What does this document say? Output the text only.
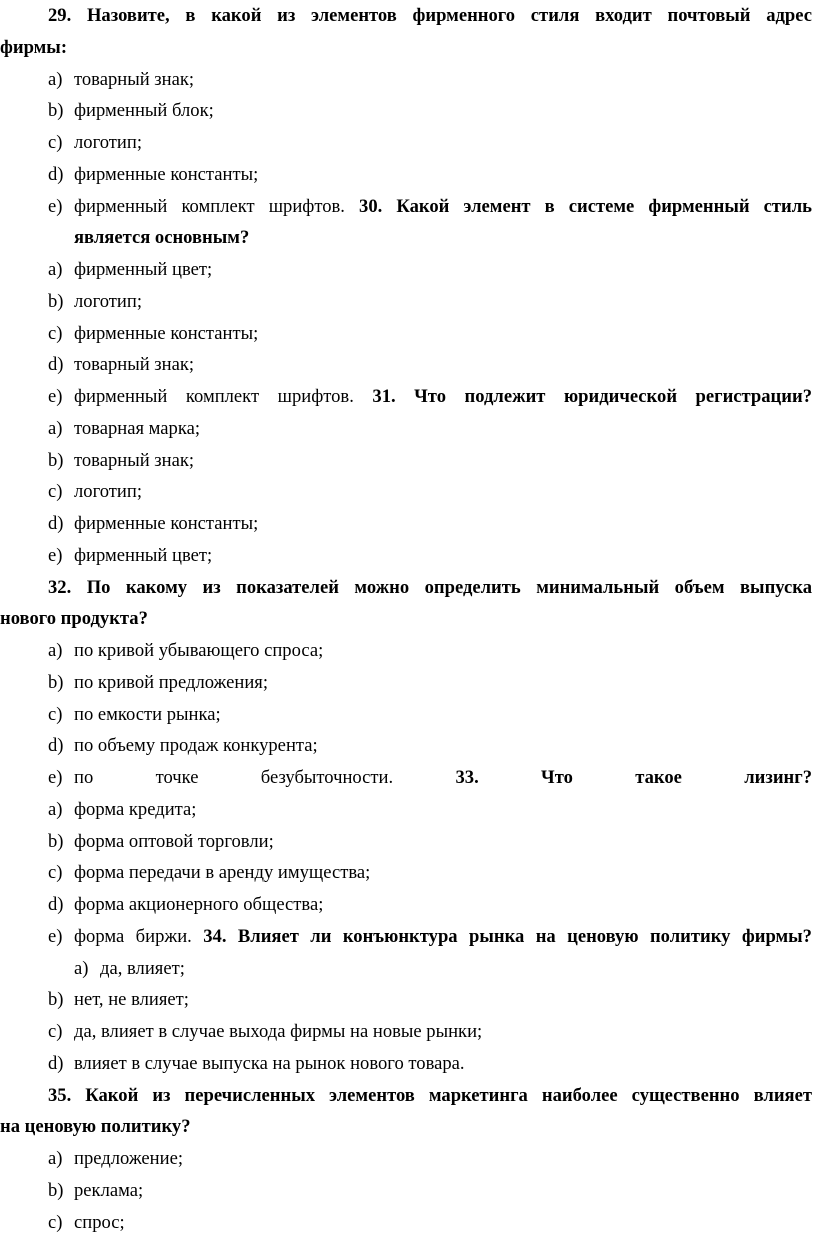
29. Назовите, в какой из элементов фирменного стиля входит почтовый адрес
фирмы:
a) товарный знак;
b) фирменный блок;
c) логотип;
d) фирменные константы;
e) фирменный комплект шрифтов. 30. Какой элемент в системе фирменный стиль
является основным?
a) фирменный цвет;
b) логотип;
c) фирменные константы;
d) товарный знак;
e) фирменный комплект шрифтов. 31. Что подлежит юридической регистрации?
a) товарная марка;
b) товарный знак;
c) логотип;
d) фирменные константы;
e) фирменный цвет;
32. По какому из показателей можно определить минимальный объем выпуска
нового продукта?
a) по кривой убывающего спроса;
b) по кривой предложения;
c) по емкости рынка;
d) по объему продаж конкурента;
e) по точке безубыточности.	33. Что такое лизинг?
a) форма кредита;
b) форма оптовой торговли;
c) форма передачи в аренду имущества;
d) форма акционерного общества;
e) форма биржи. 34. Влияет ли конъюнктура рынка на ценовую политику фирмы?
a) да, влияет;
b) нет, не влияет;
c) да, влияет в случае выхода фирмы на новые рынки;
d) влияет в случае выпуска на рынок нового товара.
35. Какой из перечисленных элементов маркетинга наиболее существенно влияет
на ценовую политику?
a) предложение;
b) реклама;
c) спрос;
